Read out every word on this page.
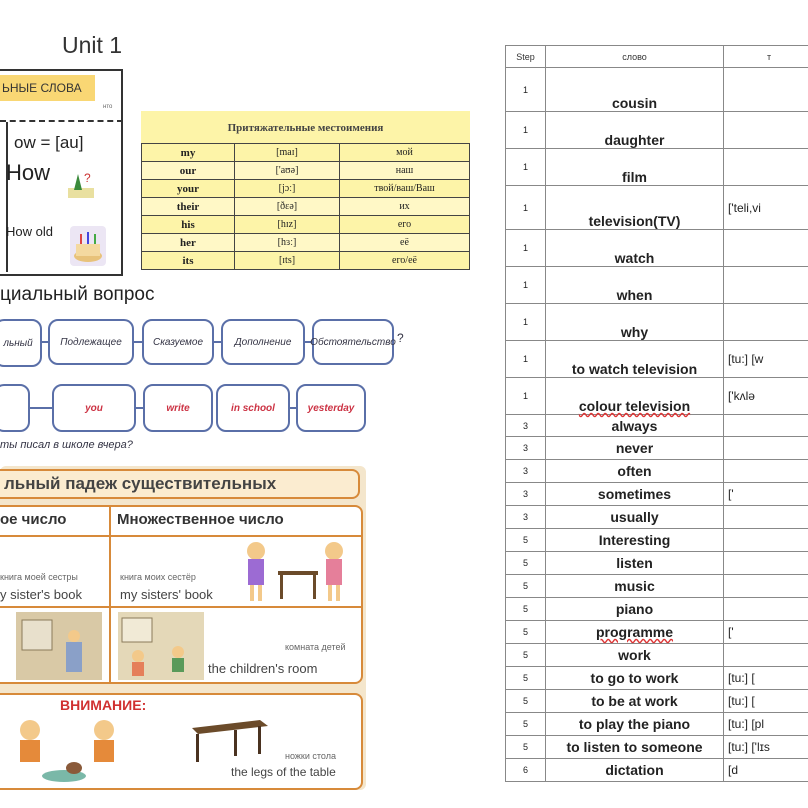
Unit 1
ЬНЫЕ СЛОВА
нто
ow = [au]
How	?
How old
Притяжательные местоимения		
my	[maɪ]	мой
our	['aʊə]	наш
your	[jɔː]	твой/ваш/Ваш
their	[ðɛə]	их
his	[hɪz]	его
her	[hɜː]	её
its	[ɪts]	его/её
циальный вопрос
льный	Подлежащее	Сказуемое	Дополнение	Обстоятельство ?
you	write	in school	yesterday
ты писал в школе вчера?
льный падеж существительных
ое число	Множественное число
книга моей сестры
y sister's book
книга моих сестёр
my sisters' book
комната детей
the children's room
ВНИМАНИЕ:
ножки стола
the legs of the table
Step	слово	т
1	cousin	
1	daughter	
1	film	
1	television(TV)	['teli,vi
1	watch	
1	when	
1	why	
1	to watch television	[tu:] [w
1	colour television	['kʌlə
3	always	
3	never	
3	often	
3	sometimes	['
3	usually	
5	Interesting	
5	listen	
5	music	
5	piano	
5	programme	['
5	work	
5	to go to work	[tu:] [
5	to be at work	[tu:] [
5	to play the piano	[tu:] [pl
5	to listen to someone	[tu:] ['lɪs
6	dictation	[d
